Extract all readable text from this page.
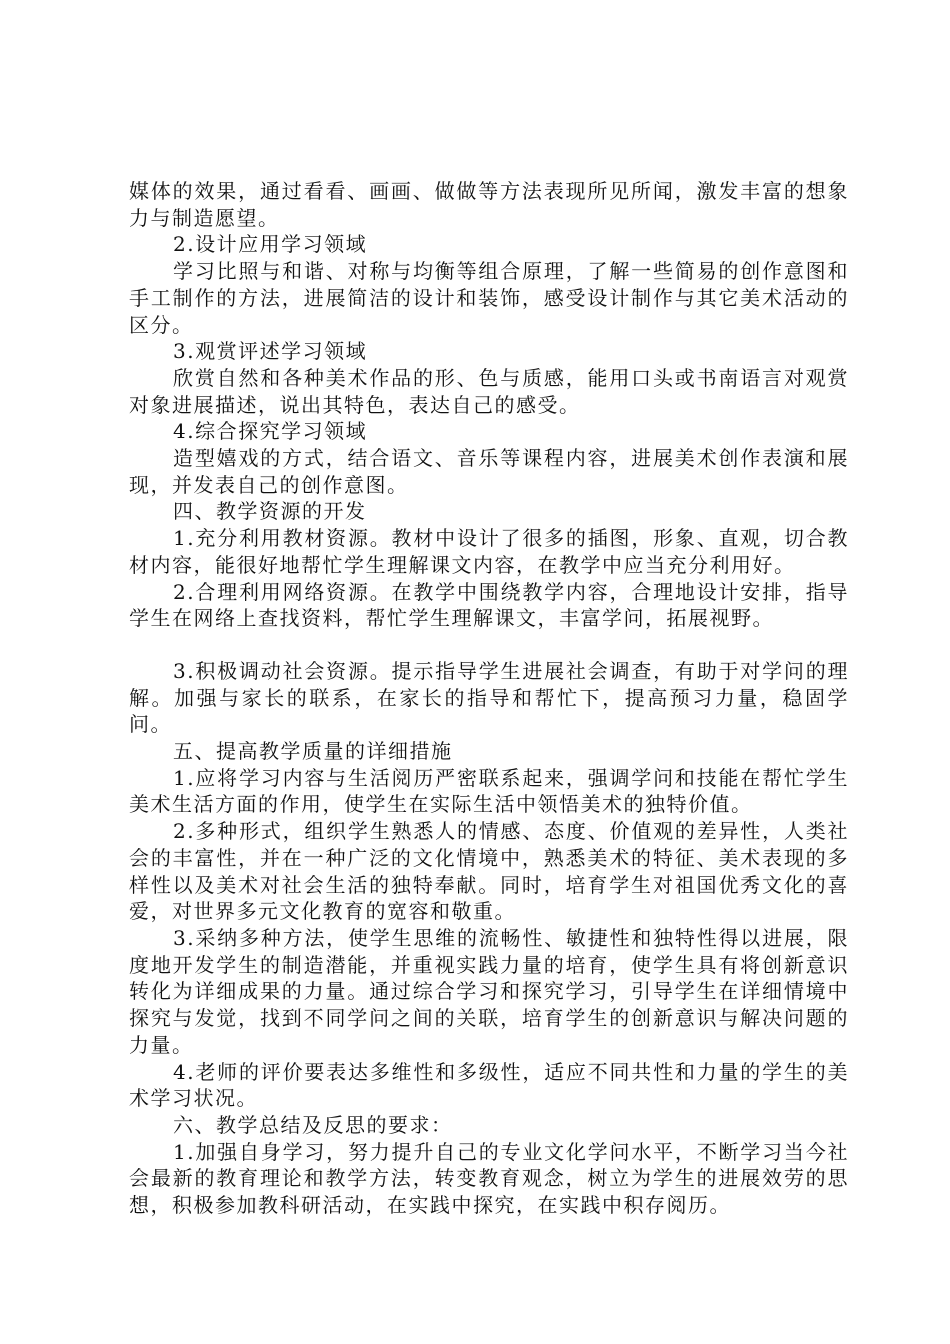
媒体的效果，通过看看、画画、做做等方法表现所见所闻，激发丰富的想象力与制造愿望。

2.设计应用学习领域

学习比照与和谐、对称与均衡等组合原理，了解一些简易的创作意图和手工制作的方法，进展简洁的设计和装饰，感受设计制作与其它美术活动的区分。

3.观赏评述学习领域

欣赏自然和各种美术作品的形、色与质感，能用口头或书南语言对观赏对象进展描述，说出其特色，表达自己的感受。

4.综合探究学习领域

造型嬉戏的方式，结合语文、音乐等课程内容，进展美术创作表演和展现，并发表自己的创作意图。

四、教学资源的开发

1.充分利用教材资源。教材中设计了很多的插图，形象、直观，切合教材内容，能很好地帮忙学生理解课文内容，在教学中应当充分利用好。

2.合理利用网络资源。在教学中围绕教学内容，合理地设计安排，指导学生在网络上查找资料，帮忙学生理解课文，丰富学问，拓展视野。

3.积极调动社会资源。提示指导学生进展社会调查，有助于对学问的理解。加强与家长的联系，在家长的指导和帮忙下，提高预习力量，稳固学问。

五、提高教学质量的详细措施

1.应将学习内容与生活阅历严密联系起来，强调学问和技能在帮忙学生美术生活方面的作用，使学生在实际生活中领悟美术的独特价值。

2.多种形式，组织学生熟悉人的情感、态度、价值观的差异性，人类社会的丰富性，并在一种广泛的文化情境中，熟悉美术的特征、美术表现的多样性以及美术对社会生活的独特奉献。同时，培育学生对祖国优秀文化的喜爱，对世界多元文化教育的宽容和敬重。

3.采纳多种方法，使学生思维的流畅性、敏捷性和独特性得以进展，限度地开发学生的制造潜能，并重视实践力量的培育，使学生具有将创新意识转化为详细成果的力量。通过综合学习和探究学习，引导学生在详细情境中探究与发觉，找到不同学问之间的关联，培育学生的创新意识与解决问题的力量。

4.老师的评价要表达多维性和多级性，适应不同共性和力量的学生的美术学习状况。

六、教学总结及反思的要求：

1.加强自身学习，努力提升自己的专业文化学问水平，不断学习当今社会最新的教育理论和教学方法，转变教育观念，树立为学生的进展效劳的思想，积极参加教科研活动，在实践中探究，在实践中积存阅历。
